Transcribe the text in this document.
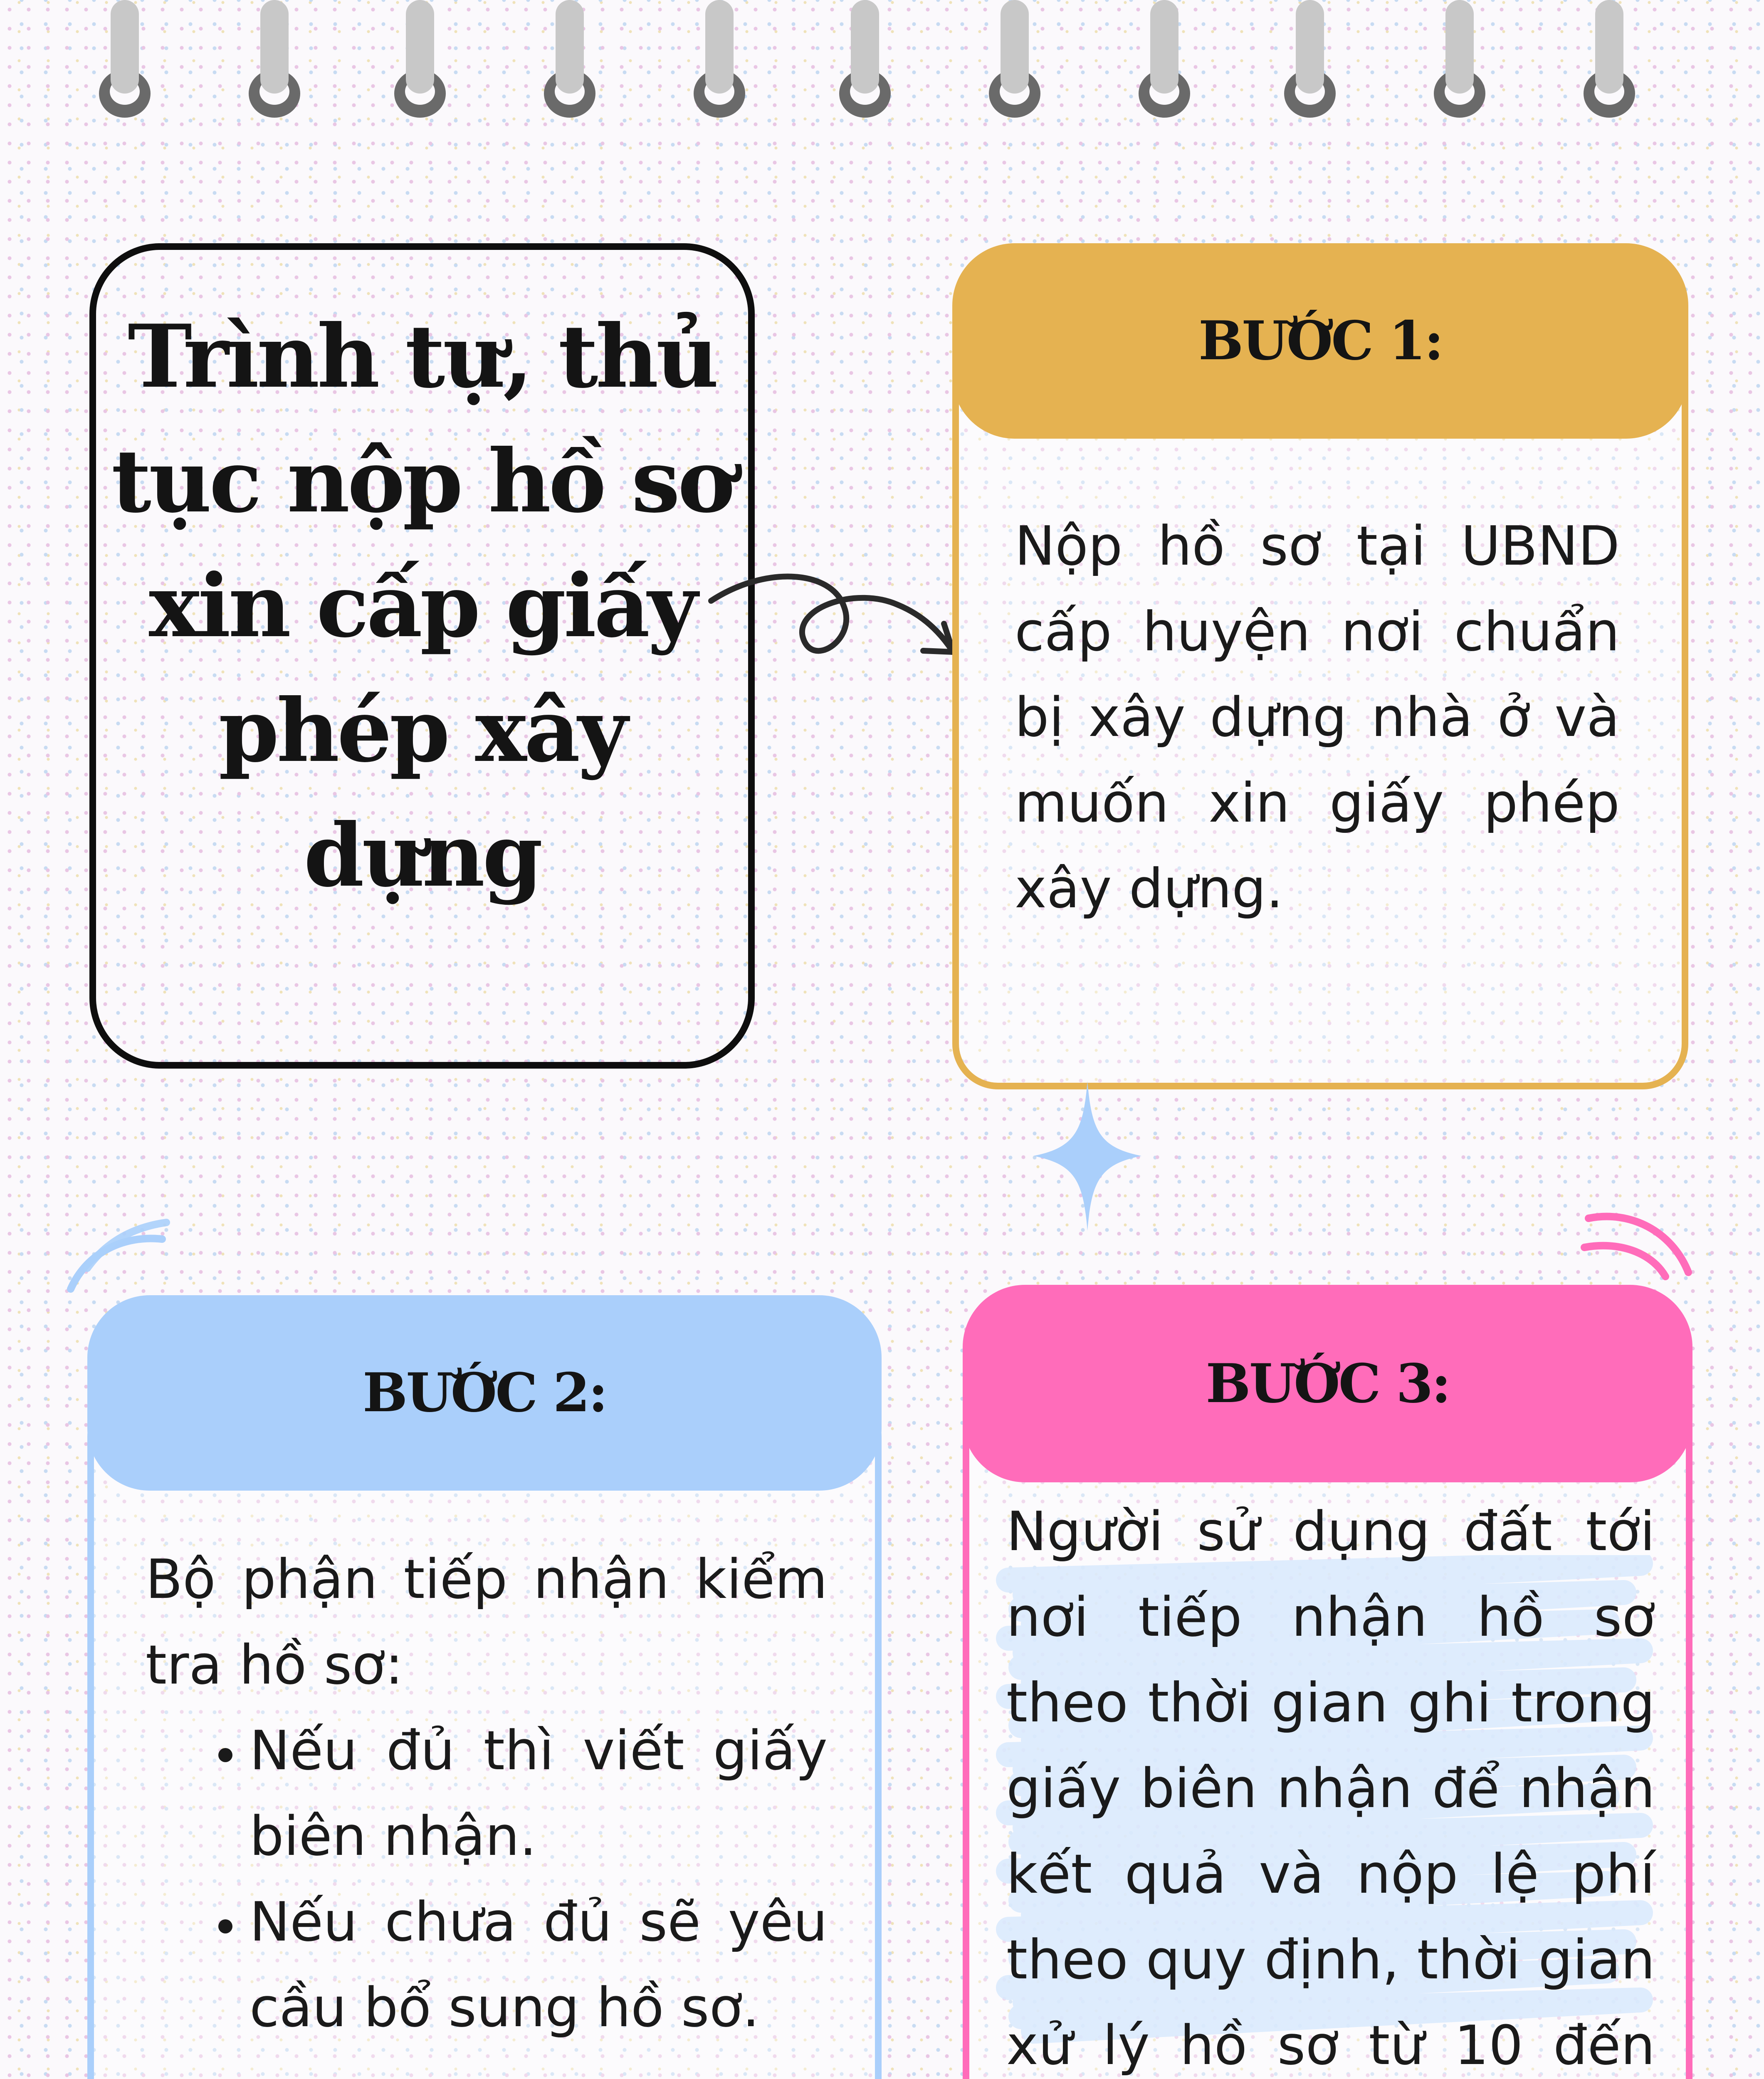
Trình tự, thủ
tục nộp hồ sơ
xin cấp giấy
phép xây dựng
BƯỚC 1:
Nộp hồ sơ tại UBND cấp huyện nơi chuẩn bị xây dựng nhà ở và muốn xin giấy phép xây dựng.
BƯỚC 2:
Bộ phận tiếp nhận kiểm tra hồ sơ:
• Nếu đủ thì viết giấy biên nhận.
• Nếu chưa đủ sẽ yêu cầu bổ sung hồ sơ.
BƯỚC 3:
Người sử dụng đất tới nơi tiếp nhận hồ sơ theo thời gian ghi trong giấy biên nhận để nhận kết quả và nộp lệ phí theo quy định, thời gian xử lý hồ sơ từ 10 đến
